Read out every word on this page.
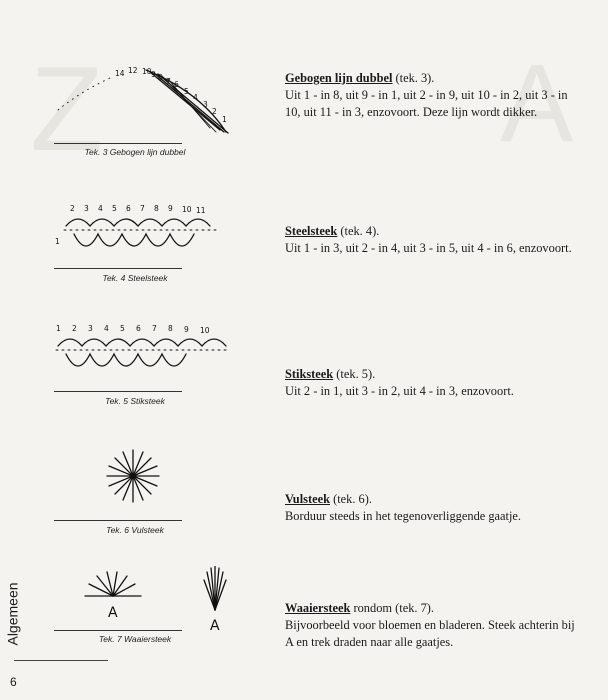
Z	A
14 12 10 9 8 7 6
5
4
3
2
1
Tek. 3 Gebogen lijn dubbel
2 3 4 5 6 7 8 9 10 11
1
Tek. 4 Steelsteek
1 2 3 4 5 6 7 8 9 10
Tek. 5 Stiksteek
Tek. 6 Vulsteek
A
A
Tek. 7 Waaiersteek
Gebogen lijn dubbel (tek. 3).
Uit 1 - in 8, uit 9 - in 1, uit 2 - in 9, uit 10 - in 2, uit 3 - in 10, uit 11 - in 3, enzovoort. Deze lijn wordt dikker.
Steelsteek (tek. 4).
Uit 1 - in 3, uit 2 - in 4, uit 3 - in 5, uit 4 - in 6, enzovoort.
Stiksteek (tek. 5).
Uit 2 - in 1, uit 3 - in 2, uit 4 - in 3, enzovoort.
Vulsteek (tek. 6).
Borduur steeds in het tegenoverliggende gaatje.
Waaiersteek rondom (tek. 7).
Bijvoorbeeld voor bloemen en bladeren. Steek achterin bij A en trek draden naar alle gaatjes.
Algemeen
6
